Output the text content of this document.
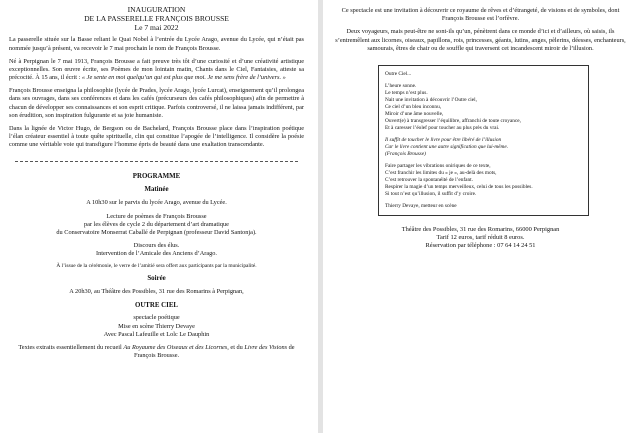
INAUGURATION
DE LA PASSERELLE FRANÇOIS BROUSSE
Le 7 mai 2022

La passerelle située sur la Basse reliant le Quai Nobel à l’entrée du Lycée Arago, avenue du Lycée, qui n’était pas nommée jusqu’à présent, va recevoir le 7 mai prochain le nom de François Brousse.

Né à Perpignan le 7 mai 1913, François Brousse a fait preuve très tôt d’une curiosité et d’une créativité artistique exceptionnelles. Son œuvre écrite, ses Poèmes de mon lointain matin, Chants dans le Ciel, Fantaisies, atteste sa précocité. À 15 ans, il écrit : « Je sente en moi quelqu’un qui est plus que moi. Je me sens frère de l’univers. »

François Brousse enseigna la philosophie (lycée de Prades, lycée Arago, lycée Lurcat), enseignement qu’il prolongea dans ses ouvrages, dans ses conférences et dans les cafés (précurseurs des cafés philosophiques) afin de permettre à chacun de développer ses connaissances et son esprit critique. Parfois controversé, il ne laissa jamais indifférent, par son érudition, son inspiration fulgurante et sa joie humaniste.

Dans la lignée de Victor Hugo, de Bergson ou de Bachelard, François Brousse place dans l’inspiration poétique l’élan créateur essentiel à toute quête spirituelle, clin qui constitue l’apogée de l’intelligence. Il considère la poésie comme une véritable voie qui transfigure l’homme épris de beauté dans une exaltation transcendante.

PROGRAMME
Matinée
A 10h30 sur le parvis du lycée Arago, avenue du Lycée.
Lecture de poèmes de François Brousse
par les élèves de cycle 2 du département d’art dramatique
du Conservatoire Monserrat Caballé de Perpignan (professeur David Santonja).
Discours des élus.
Intervention de l’Amicale des Anciens d’Arago.
À l’issue de la cérémonie, le verre de l’amitié sera offert aux participants par la municipalité.
Soirée
A 20h30, au Théâtre des Possibles, 31 rue des Romarins à Perpignan,
OUTRE CIEL
spectacle poétique
Mise en scène Thierry Devaye
Avec Pascal Lafeuille et Lolc Le Dauphin
Textes extraits essentiellement du recueil Au Royaume des Oiseaux et des Licornes, et du Livre des Visions de François Brousse.
Ce spectacle est une invitation à découvrir ce royaume de rêves et d’étrangeté, de visions et de symboles, dont François Brousse est l’orfèvre.
Deux voyageurs, mais peut-être ne sont-ils qu’un, pénètrent dans ce monde d’ici et d’ailleurs, où saisis, ils s’entremêlent aux licornes, oiseaux, papillons, rois, princesses, géants, lutins, anges, pèlerins, déesses, enchanteurs, samourais, êtres de chair ou de souffle qui traversent cet incandescent miroir de l’illusion.
Outre Ciel...
L’heure sonne.
Le temps n’est plus.
Nait une invitation à découvrir l’Outre ciel,
Ce ciel d’un bleu inconnu,
Miroir d’une âme nouvelle,
Ouvert(e) à transgresser l’équilibre, affranchi de toute croyance,
Et à caresser l’éolef pour toucher au plus près du vrai.
Il suffit de toucher le livre pour être libéré de l’illusion
Car le livre contient une autre signification que lui-même.
(François Brousse)
Faire partager les vibrations oniriques de ce texte,
C’est franchir les limites du « je », au-delà des mots,
C’est retrouver la spontanéité de l’enfant.
Respirer la magie d’un temps merveilleux, celui de tous les possibles.
Si tout n’est qu’illusion, il suffit d’y croire.
Thierry Devaye, metteur en scène
Théâtre des Possibles, 31 rue des Romarins, 66000 Perpignan
Tarif 12 euros, tarif réduit 8 euros.
Réservation par téléphone : 07 64 14 24 51
